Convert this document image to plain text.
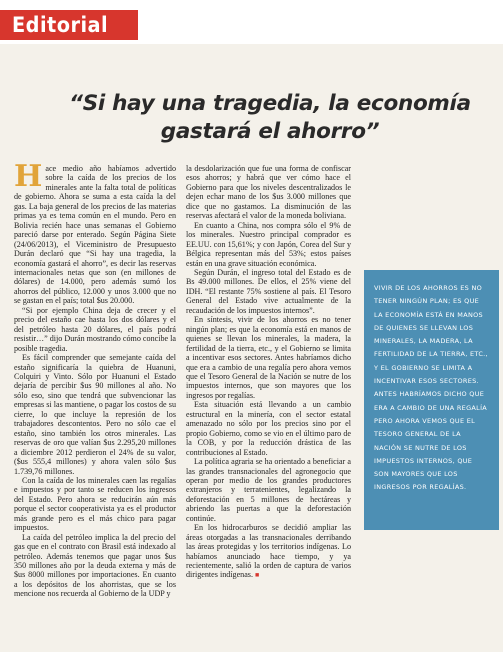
Editorial
“Si hay una tragedia, la economía gastará el ahorro”

Hace medio año habíamos advertido sobre la caída de los precios de los minerales ante la falta total de políticas de gobierno. Ahora se suma a esta caída la del gas. La baja general de los precios de las materias primas ya es tema común en el mundo. Pero en Bolivia recién hace unas semanas el Gobierno pareció darse por enterado. Según Página Siete (24/06/2013), el Viceministro de Presupuesto Durán declaró que “Si hay una tragedia, la economía gastará el ahorro”, es decir las reservas internacionales netas que son (en millones de dólares) de 14.000, pero además sumó los ahorros del público, 12.000 y unos 3.000 que no se gastan en el país; total $us 20.000.

“Si por ejemplo China deja de crecer y el precio del estaño cae hasta los dos dólares y el del petróleo hasta 20 dólares, el país podrá resistir…” dijo Durán mostrando cómo concibe la posible tragedia.

Es fácil comprender que semejante caída del estaño significaría la quiebra de Huanuni, Colquiri y Vinto. Sólo por Huanuni el Estado dejaría de percibir $us 90 millones al año. No sólo eso, sino que tendrá que subvencionar las empresas si las mantiene, o pagar los costos de su cierre, lo que incluye la represión de los trabajadores descontentos. Pero no sólo cae el estaño, sino también los otros minerales. Las reservas de oro que valían $us 2.295,20 millones a diciembre 2012 perdieron el 24% de su valor, ($us 555,4 millones) y ahora valen sólo $us 1.739,76 millones.

Con la caída de los minerales caen las regalías e impuestos y por tanto se reducen los ingresos del Estado. Pero ahora se reducirán aún más porque el sector cooperativista ya es el productor más grande pero es el más chico para pagar impuestos.

La caída del petróleo implica la del precio del gas que en el contrato con Brasil está indexado al petróleo. Además tenemos que pagar unos $us 350 millones año por la deuda externa y más de $us 8000 millones por importaciones. En cuanto a los depósitos de los ahorristas, que se los mencione nos recuerda al Gobierno de la UDP y

la desdolarización que fue una forma de confiscar esos ahorros; y habrá que ver cómo hace el Gobierno para que los niveles descentralizados le dejen echar mano de los $us 3.000 millones que dice que no gastamos. La disminución de las reservas afectará el valor de la moneda boliviana.

En cuanto a China, nos compra sólo el 9% de los minerales. Nuestro principal comprador es EE.UU. con 15,61%; y con Japón, Corea del Sur y Bélgica representan más del 53%; estos países están en una grave situación económica.

Según Durán, el ingreso total del Estado es de Bs 49.000 millones. De ellos, el 25% viene del IDH. “El restante 75% sostiene al país. El Tesoro General del Estado vive actualmente de la recaudación de los impuestos internos”.

En síntesis, vivir de los ahorros es no tener ningún plan; es que la economía está en manos de quienes se llevan los minerales, la madera, la fertilidad de la tierra, etc., y el Gobierno se limita a incentivar esos sectores. Antes habríamos dicho que era a cambio de una regalía pero ahora vemos que el Tesoro General de la Nación se nutre de los impuestos internos, que son mayores que los ingresos por regalías.

Esta situación está llevando a un cambio estructural en la minería, con el sector estatal amenazado no sólo por los precios sino por el propio Gobierno, como se vio en el último paro de la COB, y por la reducción drástica de las contribuciones al Estado.

La política agraria se ha orientado a beneficiar a las grandes transnacionales del agronegocio que operan por medio de los grandes productores extranjeros y terratenientes, legalizando la deforestación en 5 millones de hectáreas y abriendo las puertas a que la deforestación continúe.

En los hidrocarburos se decidió ampliar las áreas otorgadas a las transnacionales derribando las áreas protegidas y los territorios indígenas. Lo habíamos anunciado hace tiempo, y ya recientemente, salió la orden de captura de varios dirigentes indígenas. ■

VIVIR DE LOS AHORROS ES NO TENER NINGÚN PLAN; ES QUE LA ECONOMÍA ESTÁ EN MANOS DE QUIENES SE LLEVAN LOS MINERALES, LA MADERA, LA FERTILIDAD DE LA TIERRA, ETC., Y EL GOBIERNO SE LIMITA A INCENTIVAR ESOS SECTORES. ANTES HABRÍAMOS DICHO QUE ERA A CAMBIO DE UNA REGALÍA PERO AHORA VEMOS QUE EL TESORO GENERAL DE LA NACIÓN SE NUTRE DE LOS IMPUESTOS INTERNOS, QUE SON MAYORES QUE LOS INGRESOS POR REGALÍAS.
